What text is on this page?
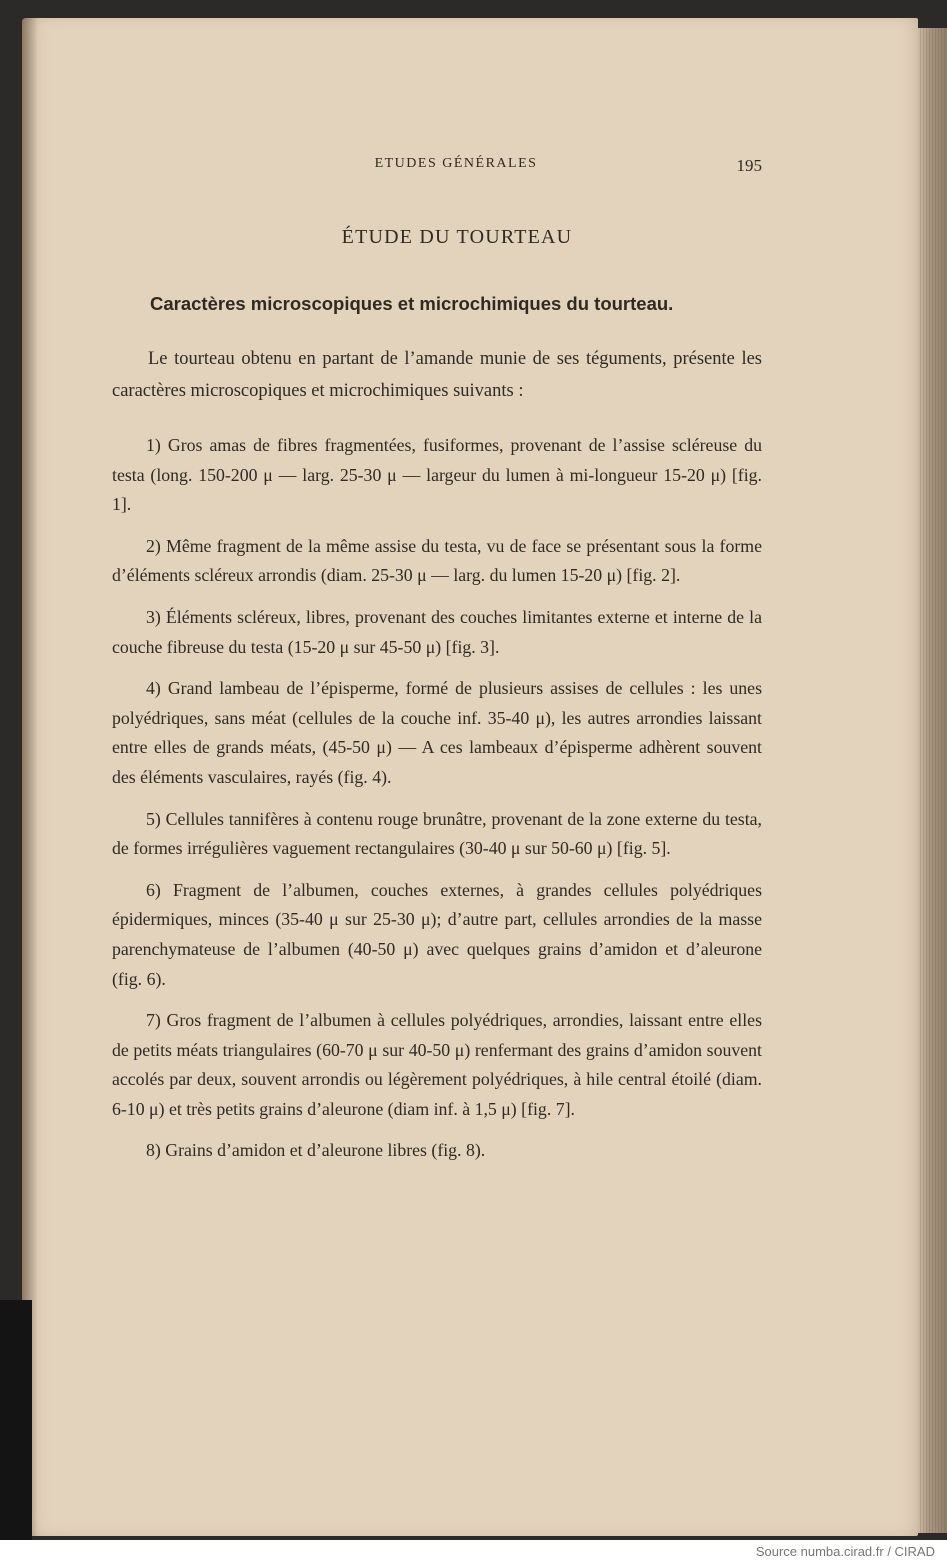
ETUDES GÉNÉRALES	195
ÉTUDE DU TOURTEAU

Caractères microscopiques et microchimiques du tourteau.

Le tourteau obtenu en partant de l’amande munie de ses téguments, présente les caractères microscopiques et microchimiques suivants :

1) Gros amas de fibres fragmentées, fusiformes, provenant de l’assise scléreuse du testa (long. 150-200 μ — larg. 25-30 μ — largeur du lumen à mi-longueur 15-20 μ) [fig. 1].

2) Même fragment de la même assise du testa, vu de face se présentant sous la forme d’éléments scléreux arrondis (diam. 25-30 μ — larg. du lumen 15-20 μ) [fig. 2].

3) Éléments scléreux, libres, provenant des couches limitantes externe et interne de la couche fibreuse du testa (15-20 μ sur 45-50 μ) [fig. 3].

4) Grand lambeau de l’épisperme, formé de plusieurs assises de cellules : les unes polyédriques, sans méat (cellules de la couche inf. 35-40 μ), les autres arrondies laissant entre elles de grands méats, (45-50 μ) — A ces lambeaux d’épisperme adhèrent souvent des éléments vasculaires, rayés (fig. 4).

5) Cellules tannifères à contenu rouge brunâtre, provenant de la zone externe du testa, de formes irrégulières vaguement rectangulaires (30-40 μ sur 50-60 μ) [fig. 5].

6) Fragment de l’albumen, couches externes, à grandes cellules polyédriques épidermiques, minces (35-40 μ sur 25-30 μ); d’autre part, cellules arrondies de la masse parenchymateuse de l’albumen (40-50 μ) avec quelques grains d’amidon et d’aleurone (fig. 6).

7) Gros fragment de l’albumen à cellules polyédriques, arrondies, laissant entre elles de petits méats triangulaires (60-70 μ sur 40-50 μ) renfermant des grains d’amidon souvent accolés par deux, souvent arrondis ou légèrement polyédriques, à hile central étoilé (diam. 6-10 μ) et très petits grains d’aleurone (diam inf. à 1,5 μ) [fig. 7].

8) Grains d’amidon et d’aleurone libres (fig. 8).

Source numba.cirad.fr / CIRAD
